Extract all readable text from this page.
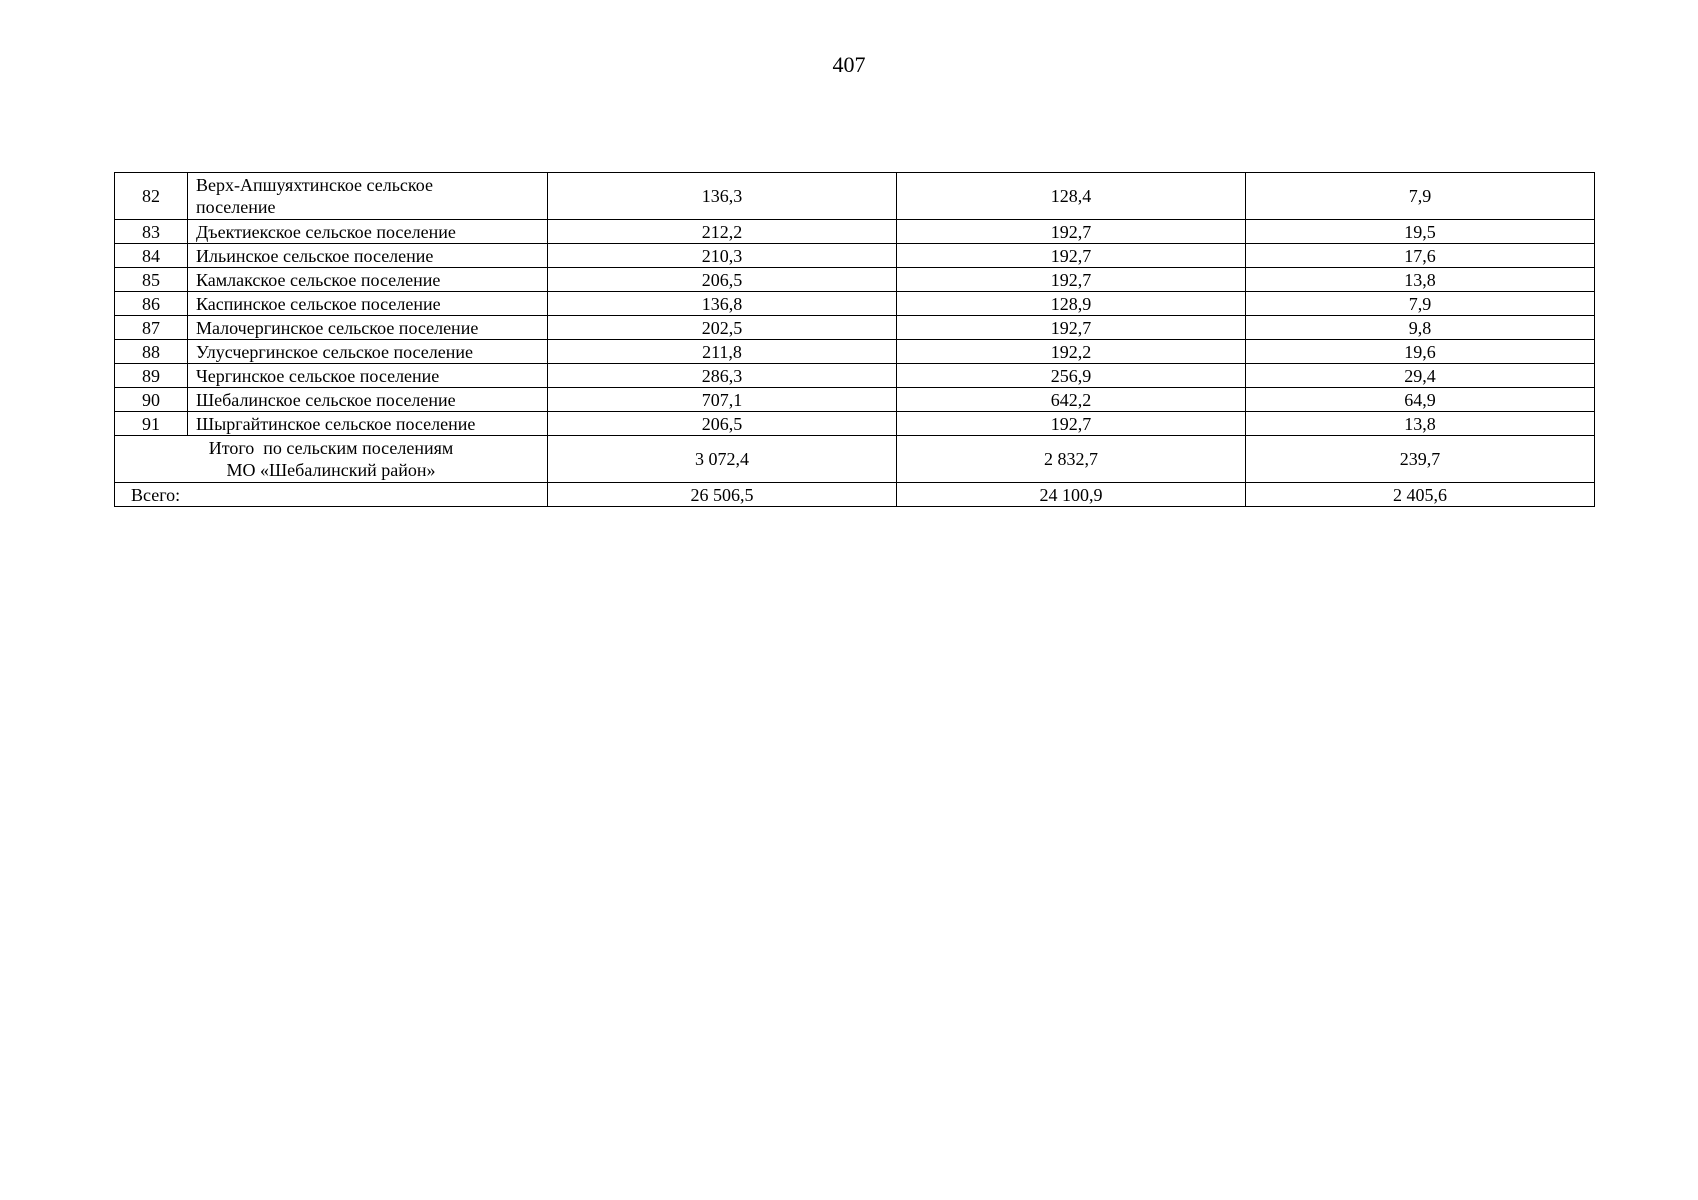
407
82	Верх-Апшуяхтинское сельское
поселение	136,3	128,4	7,9
83	Дъектиекское сельское поселение	212,2	192,7	19,5
84	Ильинское сельское поселение	210,3	192,7	17,6
85	Камлакское сельское поселение	206,5	192,7	13,8
86	Каспинское сельское поселение	136,8	128,9	7,9
87	Малочергинское сельское поселение	202,5	192,7	9,8
88	Улусчергинское сельское поселение	211,8	192,2	19,6
89	Чергинское сельское поселение	286,3	256,9	29,4
90	Шебалинское сельское поселение	707,1	642,2	64,9
91	Шыргайтинское сельское поселение	206,5	192,7	13,8
Итого  по сельским поселениям
МО «Шебалинский район»		3 072,4	2 832,7	239,7
Всего:		26 506,5	24 100,9	2 405,6
